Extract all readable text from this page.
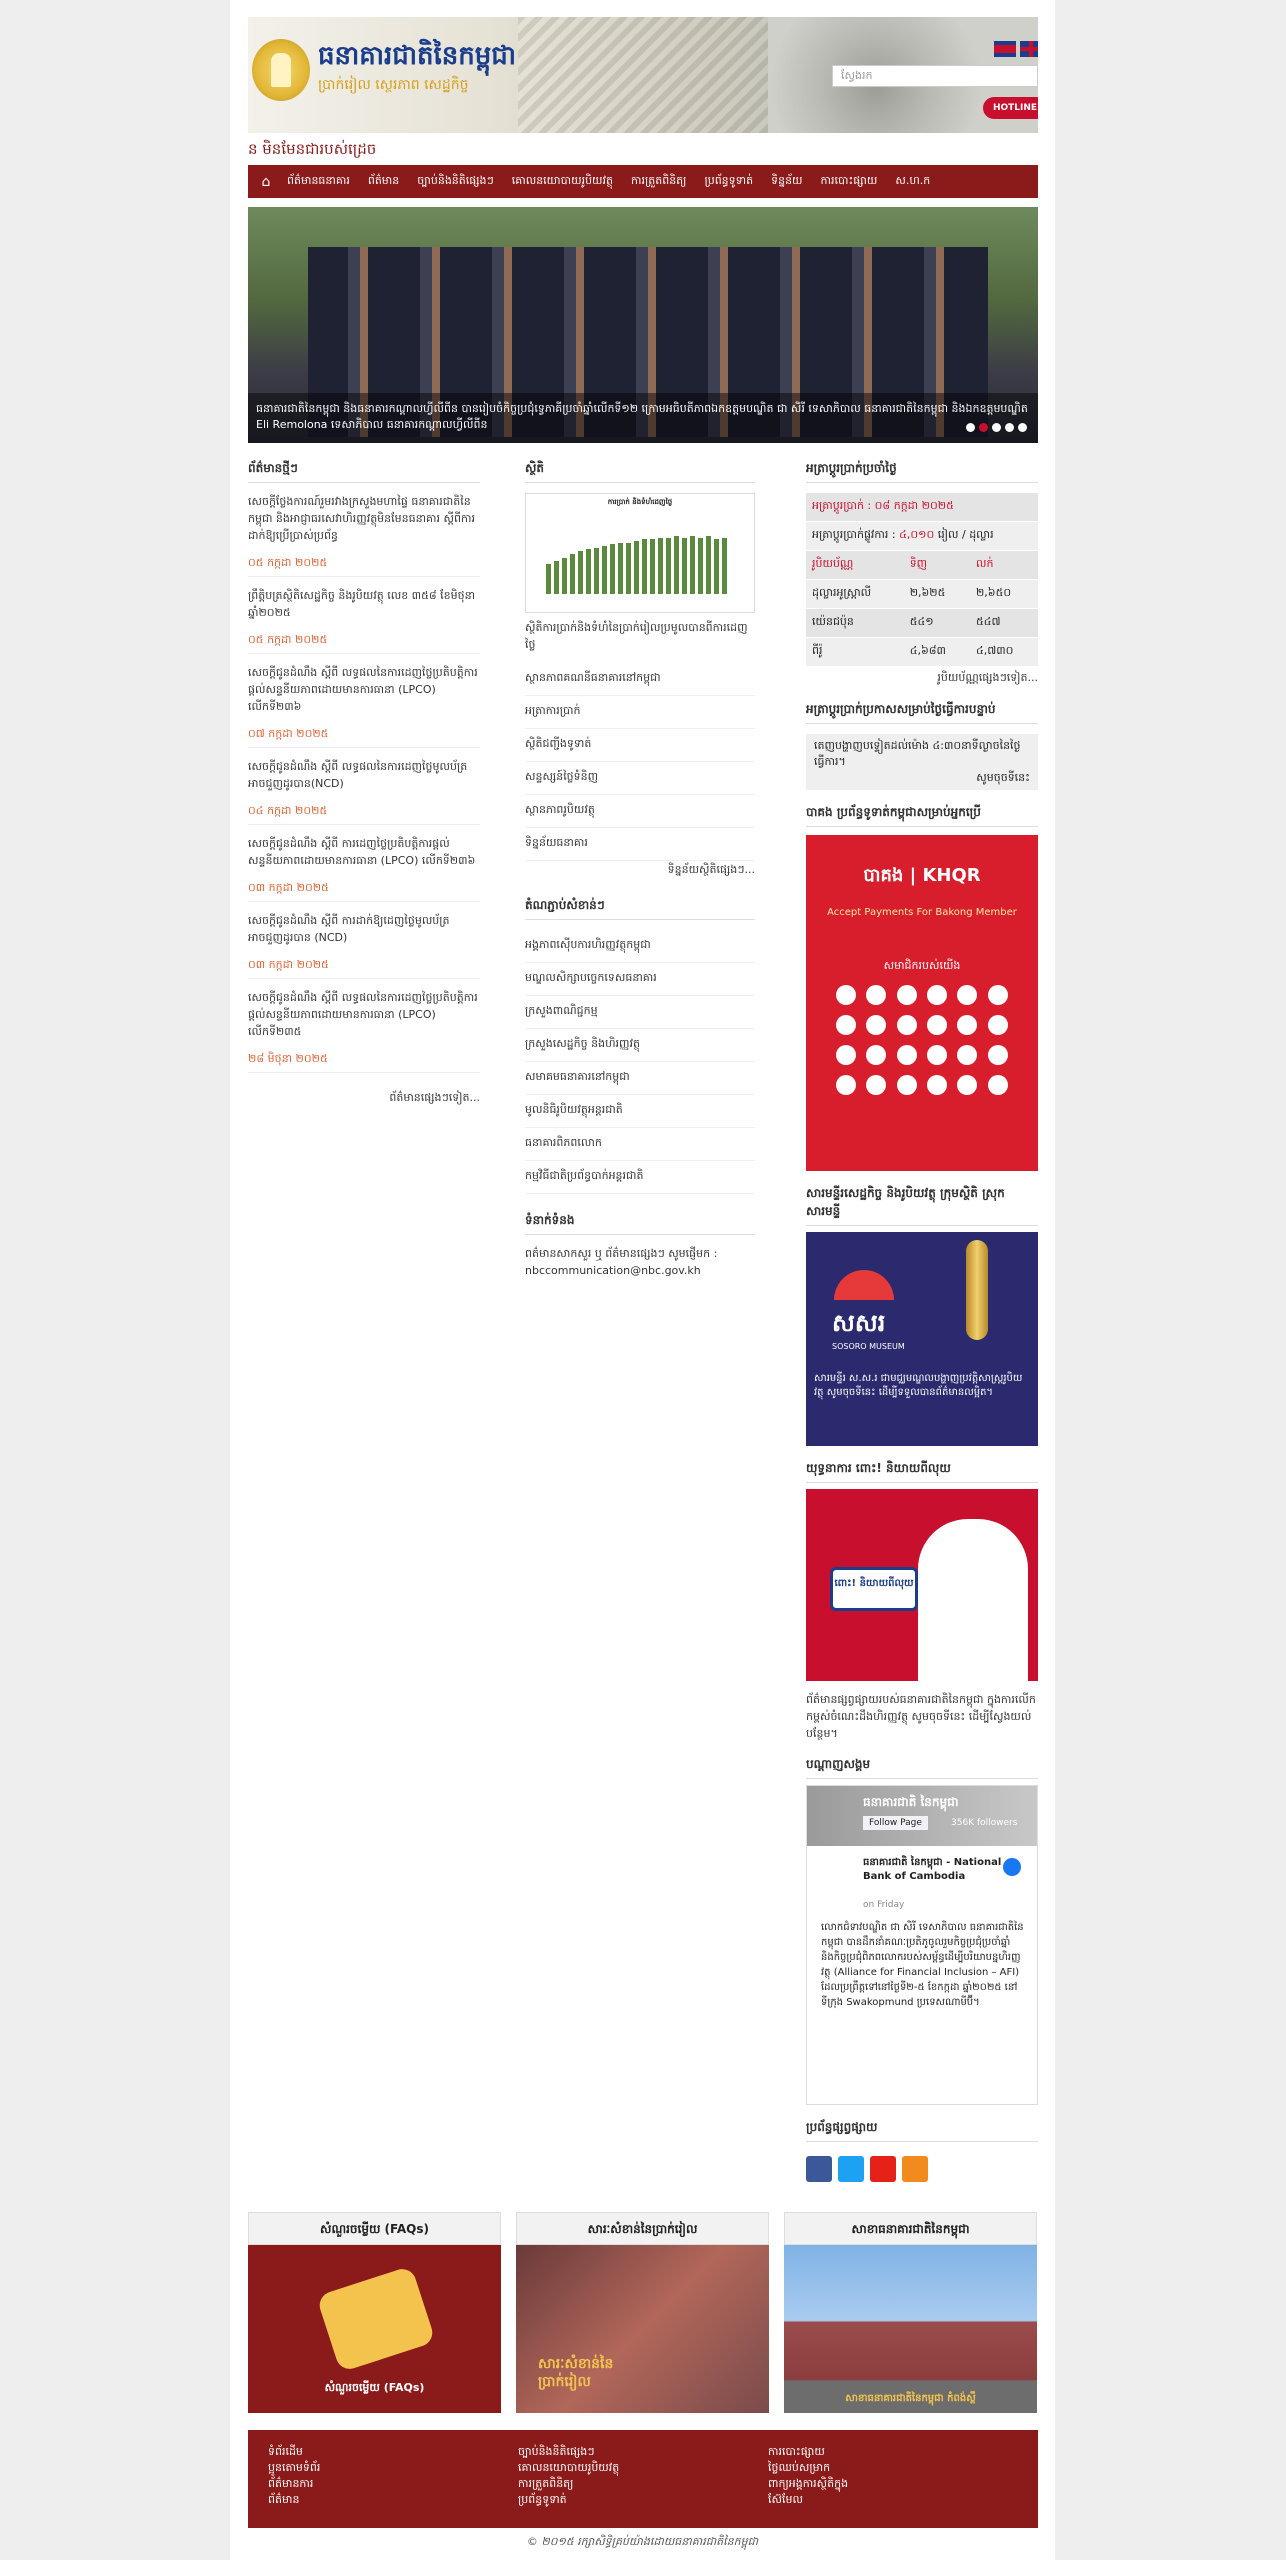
ធនាគារជាតិនៃកម្ពុជា
ប្រាក់រៀល ស្ថេរភាព សេដ្ឋកិច្ច
ស្វែងរក
HOTLINE
ន មិនមែនជារបស់ដ្រេច
⌂	ព័ត៌មានធនាគារ	ព័ត៌មាន	ច្បាប់និងនិតិផ្សេងៗ	គោលនយោបាយរូបិយវត្ថុ	ការត្រួតពិនិត្យ	ប្រព័ន្ធទូទាត់	ទិន្នន័យ	ការបោះផ្សាយ	ស.ហ.ក
ធនាគារជាតិនៃកម្ពុជា និងធនាគារកណ្តាលហ្វីលីពីន បានរៀបចំកិច្ចប្រជុំទ្វេភាគីប្រចាំឆ្នាំលើកទី១២ ក្រោមអធិបតីភាពឯកឧត្តមបណ្ឌិត ជា សិរី ទេសាភិបាល ធនាគារជាតិនៃកម្ពុជា និងឯកឧត្តមបណ្ឌិត Eli Remolona ទេសាភិបាល ធនាគារកណ្តាលហ្វីលីពីន
ព័ត៌មានថ្មីៗ
សេចក្តីថ្លែងការណ៍រួមរវាងក្រសួងមហាផ្ទៃ ធនាគារជាតិនៃកម្ពុជា និងអាជ្ញាធរសេវាហិរញ្ញវត្ថុមិនមែនធនាគារ ស្តីពីការដាក់ឱ្យប្រើប្រាស់ប្រព័ន្ធ
០៥ កក្កដា ២០២៥
ព្រឹត្តិបត្រស្ថិតិសេដ្ឋកិច្ច និងរូបិយវត្ថុ លេខ ៣៥៨ ខែមិថុនា ឆ្នាំ២០២៥
០៥ កក្កដា ២០២៥
សេចក្តីជូនដំណឹង ស្តីពី លទ្ធផលនៃការដេញថ្លៃប្រតិបត្តិការផ្តល់សន្ទនីយភាពដោយមានការធានា (LPCO) លើកទី២៣៦
០៧ កក្កដា ២០២៥
សេចក្តីជូនដំណឹង ស្តីពី លទ្ធផលនៃការដេញថ្លៃមូលប័ត្រអាចជួញដូរបាន(NCD)
០៤ កក្កដា ២០២៥
សេចក្តីជូនដំណឹង ស្តីពី ការដេញថ្លៃប្រតិបត្តិការផ្តល់សន្ទនីយភាពដោយមានការធានា (LPCO) លើកទី២៣៦
០៣ កក្កដា ២០២៥
សេចក្តីជូនដំណឹង ស្តីពី ការដាក់ឱ្យដេញថ្លៃមូលប័ត្រអាចជួញដូរបាន (NCD)
០៣ កក្កដា ២០២៥
សេចក្តីជូនដំណឹង ស្តីពី លទ្ធផលនៃការដេញថ្លៃប្រតិបត្តិការផ្តល់សន្ទនីយភាពដោយមានការធានា (LPCO) លើកទី២៣៥
២៨ មិថុនា ២០២៥
ព័ត៌មានផ្សេងៗទៀត...
ស្ថិតិ
ការប្រាក់ និងទំហំដេញថ្លៃ
ស្ថិតិការប្រាក់និងទំហំនៃប្រាក់រៀលប្រមូលបានពីការដេញថ្លៃ
ស្ថានភាពគណនីធនាគារនៅកម្ពុជា
អត្រាការប្រាក់
ស្ថិតិជញ្ជីងទូទាត់
សន្ទស្សន៍ថ្លៃទំនិញ
ស្ថានភាពរូបិយវត្ថុ
ទិន្នន័យធនាគារ
ទិន្នន័យស្ថិតិផ្សេងៗ...
តំណភ្ជាប់សំខាន់ៗ
អង្គភាពស៊ើបការហិរញ្ញវត្ថុកម្ពុជា
មណ្ឌលសិក្សាបច្ចេកទេសធនាគារ
ក្រសួងពាណិជ្ជកម្ម
ក្រសួងសេដ្ឋកិច្ច និងហិរញ្ញវត្ថុ
សមាគមធនាគារនៅកម្ពុជា
មូលនិធិរូបិយវត្ថុអន្តរជាតិ
ធនាគារពិភពលោក
កម្មវិធីជាតិប្រព័ន្ធបាក់អន្តរជាតិ
ទំនាក់ទំនង
ពត៌មានសាកសួរ ឬ ព័ត៌មានផ្សេងៗ សូមផ្ញើមក : nbccommunication@nbc.gov.kh
អត្រាប្តូរប្រាក់ប្រចាំថ្ងៃ
អត្រាប្តូរប្រាក់ : ០៨ កក្កដា ២០២៥		
អត្រាប្តូរប្រាក់ផ្លូវការ : ៤,០១០ រៀល / ដុល្លារ		
រូបិយប័ណ្ណ	ទិញ	លក់
ដុល្លារអូស្ត្រាលី	២,៦២៥	២,៦៥០
យ៉េនជប៉ុន	៥៤១	៥៤៧
ពីរ៉ូ	៤,៦៨៣	៤,៧៣០
រូបិយប័ណ្ណផ្សេងៗទៀត...
អត្រាប្តូរប្រាក់ប្រកាសសម្រាប់ថ្ងៃធ្វើការបន្ទាប់
តេញបង្ហាញបទ្ទៀតដល់ម៉ោង ៤:៣០នាទីល្ងាចនៃថ្ងៃធ្វើការ។
សូមចុចទីនេះ
បាគង ប្រព័ន្ធទូទាត់កម្ពុជាសម្រាប់អ្នកប្រើ
បាគង | KHQR
Accept Payments For Bakong Member
សមាជិករបស់យើង
សារមន្ទីរសេដ្ឋកិច្ច និងរូបិយវត្ថុ ក្រុមស្ថិតិ ស្រុកសារមន្ទី
សសរ
SOSORO MUSEUM
សារមន្ទីរ ស.ស.រ ជាមជ្ឈមណ្ឌលបង្ហាញប្រវត្តិសាស្ត្ររូបិយវត្ថុ សូមចុចទីនេះ ដើម្បីទទួលបានព័ត៌មានលម្អិត។
យុទ្ធនាការ ពោះ! និយាយពីលុយ
ពោះ! និយាយពីលុយ
ព័ត៌មានផ្សព្វផ្សាយរបស់ធនាគារជាតិនៃកម្ពុជា ក្នុងការលើកកម្ពស់ចំណេះដឹងហិរញ្ញវត្ថុ សូមចុចទីនេះ ដើម្បីស្វែងយល់បន្ថែម។
បណ្តាញសង្គម
ធនាគារជាតិ នៃកម្ពុជា
Follow Page	356K followers
ធនាគារជាតិ នៃកម្ពុជា - National Bank of Cambodia
on Friday
លោកជំទាវបណ្ឌិត ជា សិរី ទេសាភិបាល ធនាគារជាតិនៃកម្ពុជា បានដឹកនាំគណៈប្រតិភូចូលរួមកិច្ចប្រជុំប្រចាំឆ្នាំ និងកិច្ចប្រជុំពិភពលោករបស់សម្ព័ន្ធដើម្បីបរិយាបន្នហិរញ្ញវត្ថុ (Alliance for Financial Inclusion – AFI) ដែលប្រព្រឹត្តទៅនៅថ្ងៃទី២-៥ ខែកក្កដា ឆ្នាំ២០២៥ នៅទីក្រុង Swakopmund ប្រទេសណាមីប៊ី។
ប្រព័ន្ធផ្សព្វផ្សាយ
សំណួរចម្លើយ (FAQs)
សំណួរចម្លើយ (FAQs)
សារៈសំខាន់នៃប្រាក់រៀល
សារៈសំខាន់នៃ ប្រាក់រៀល
សាខាធនាគារជាតិនៃកម្ពុជា
សាខាធនាគារជាតិនៃកម្ពុជា កំពង់ស្ពឺ
ទំព័រដើម
ប្អូនតោមទំព័រ
ព័ត៌មានការ
ព័ត៌មាន
ច្បាប់និងនិតិផ្សេងៗ
គោលនយោបាយរូបិយវត្ថុ
ការត្រួតពិនិត្យ
ប្រព័ន្ធទូទាត់
ការបោះផ្សាយ
ថ្លៃឈប់សម្រាក
ពាក្យអង្គការស្ថិតិក្នុង
ស៊ែមែល
© ២០១៥ រក្សាសិទ្ធិគ្រប់យ៉ាងដោយធនាគារជាតិនៃកម្ពុជា
